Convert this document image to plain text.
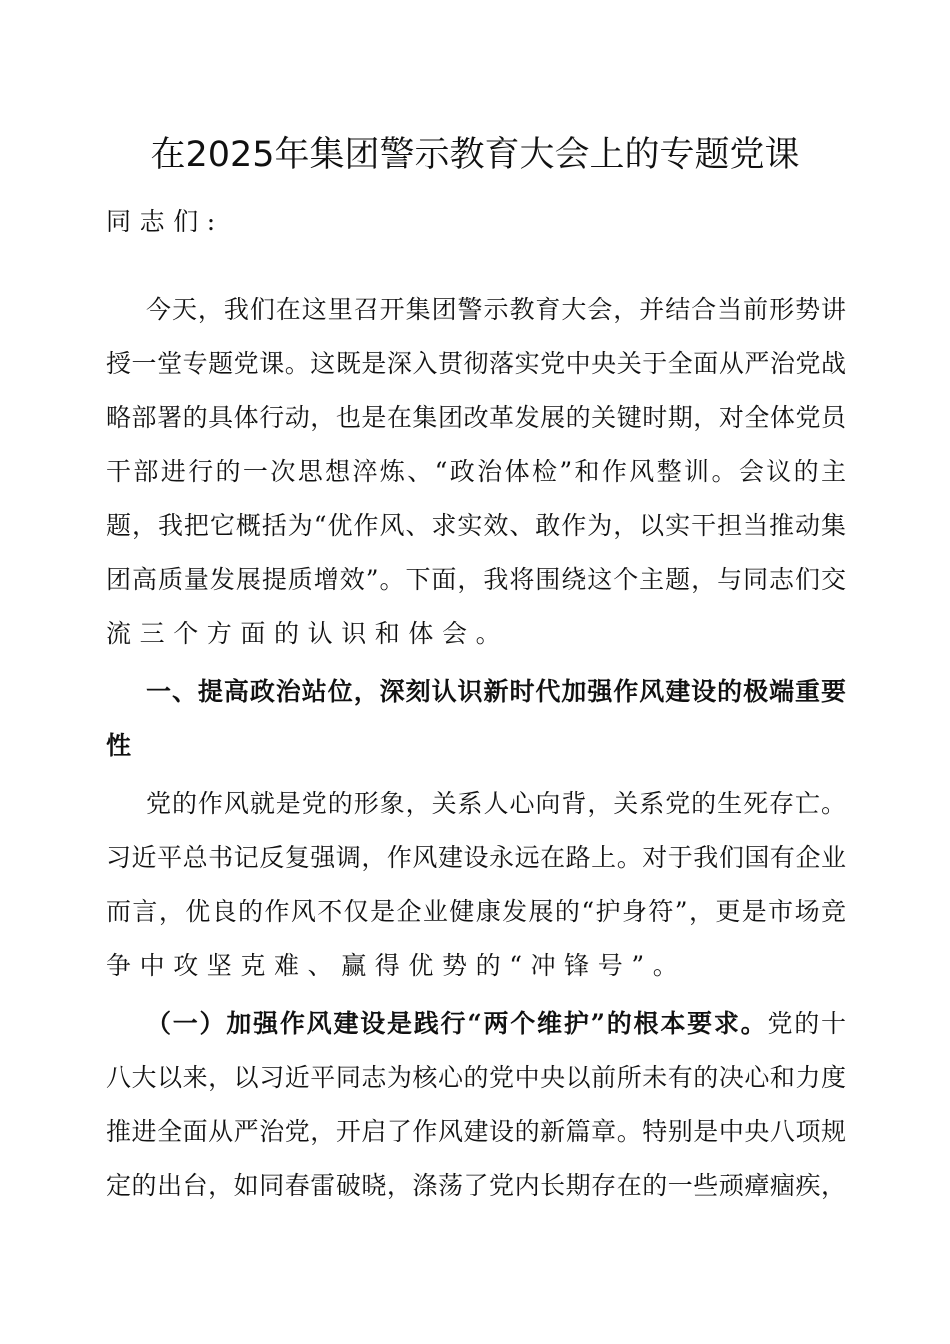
在2025年集团警示教育大会上的专题党课
同志们:
今天，我们在这里召开集团警示教育大会，并结合当前形势讲
授一堂专题党课。这既是深入贯彻落实党中央关于全面从严治党战
略部署的具体行动，也是在集团改革发展的关键时期，对全体党员
干部进行的一次思想淬炼、“政治体检”和作风整训。会议的主
题，我把它概括为“优作风、求实效、敢作为，以实干担当推动集
团高质量发展提质增效”。下面，我将围绕这个主题，与同志们交
流三个方面的认识和体会。
一、提高政治站位，深刻认识新时代加强作风建设的极端重要
性
党的作风就是党的形象，关系人心向背，关系党的生死存亡。
习近平总书记反复强调，作风建设永远在路上。对于我们国有企业
而言，优良的作风不仅是企业健康发展的“护身符”，更是市场竞
争中攻坚克难、赢得优势的“冲锋号”。
（一）加强作风建设是践行“两个维护”的根本要求。党的十
八大以来，以习近平同志为核心的党中央以前所未有的决心和力度
推进全面从严治党，开启了作风建设的新篇章。特别是中央八项规
定的出台，如同春雷破晓，涤荡了党内长期存在的一些顽瘴痼疾，
